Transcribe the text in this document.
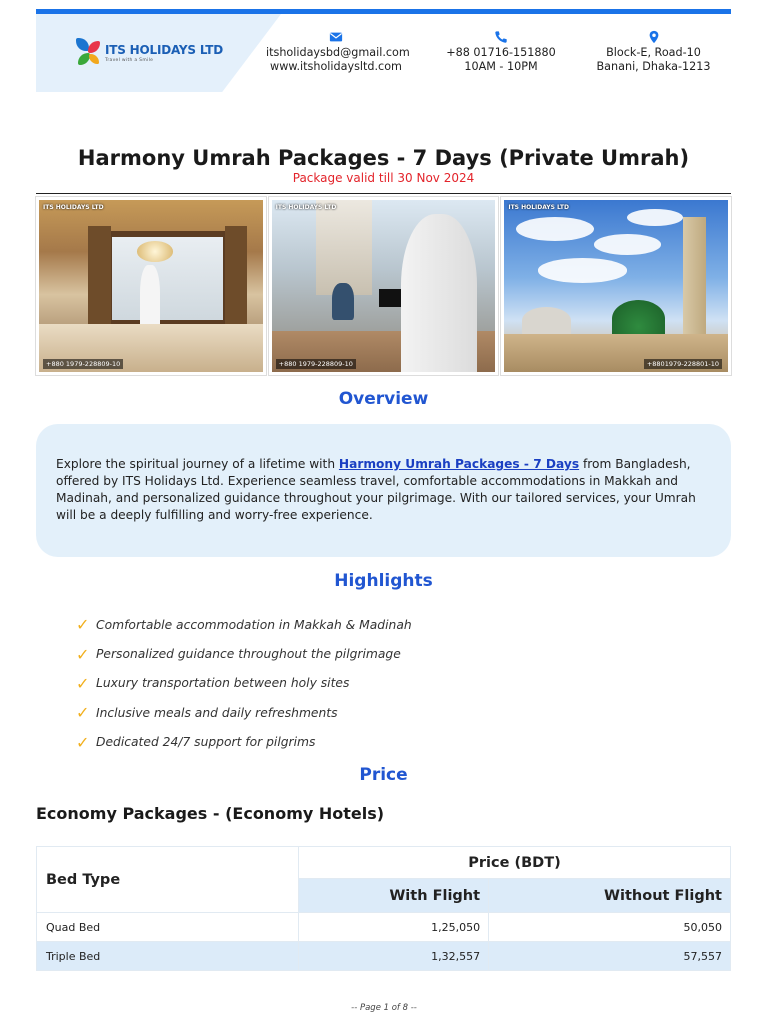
ITS HOLIDAYS LTD
Travel with a Smile
itsholidaysbd@gmail.com
www.itsholidaysltd.com
+88 01716-151880
10AM - 10PM
Block-E, Road-10
Banani, Dhaka-1213
Harmony Umrah Packages - 7 Days (Private Umrah)
Package valid till 30 Nov 2024
ITS HOLIDAYS LTD
+880 1979-228809-10
ITS HOLIDAYS LTD
+880 1979-228809-10
ITS HOLIDAYS LTD
+8801979-228801-10
Overview
Explore the spiritual journey of a lifetime with Harmony Umrah Packages - 7 Days from Bangladesh, offered by ITS Holidays Ltd. Experience seamless travel, comfortable accommodations in Makkah and Madinah, and personalized guidance throughout your pilgrimage. With our tailored services, your Umrah will be a deeply fulfilling and worry-free experience.
Highlights
✓ Comfortable accommodation in Makkah & Madinah
✓ Personalized guidance throughout the pilgrimage
✓ Luxury transportation between holy sites
✓ Inclusive meals and daily refreshments
✓ Dedicated 24/7 support for pilgrims
Price
Economy Packages - (Economy Hotels)
Bed Type	Price (BDT)	
	With Flight	Without Flight
Quad Bed	1,25,050	50,050
Triple Bed	1,32,557	57,557
-- Page 1 of 8 --
